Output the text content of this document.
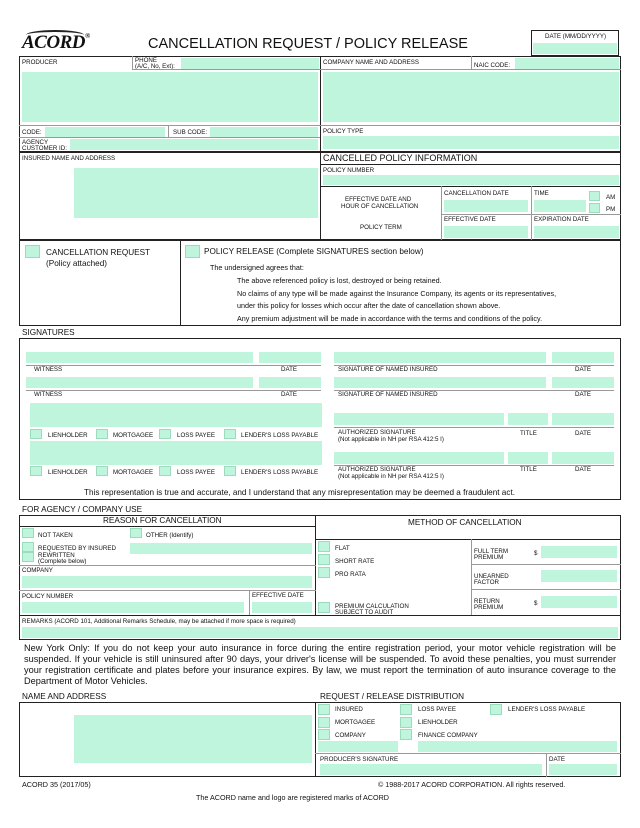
ACORD®	CANCELLATION REQUEST / POLICY RELEASE	DATE (MM/DD/YYYY)
PRODUCER	PHONE
(A/C, No, Ext):
CODE:	SUB CODE:
AGENCY
CUSTOMER ID:
COMPANY NAME AND ADDRESS	NAIC CODE:
POLICY TYPE
INSURED NAME AND ADDRESS	CANCELLED POLICY INFORMATION
POLICY NUMBER
EFFECTIVE DATE AND
HOUR OF CANCELLATION
CANCELLATION DATE	TIME
AM
PM
POLICY TERM
EFFECTIVE DATE	EXPIRATION DATE
CANCELLATION REQUEST
(Policy attached)
POLICY RELEASE (Complete SIGNATURES section below)
The undersigned agrees that:
The above referenced policy is lost, destroyed or being retained.
No claims of any type will be made against the Insurance Company, its agents or its representatives,
under this policy for losses which occur after the date of cancellation shown above.
Any premium adjustment will be made in accordance with the terms and conditions of the policy.
SIGNATURES
WITNESS	DATE	SIGNATURE OF NAMED INSURED	DATE
WITNESS	DATE	SIGNATURE OF NAMED INSURED	DATE
LIENHOLDER	MORTGAGEE	LOSS PAYEE	LENDER'S LOSS PAYABLE	AUTHORIZED SIGNATURE
(Not applicable in NH per RSA 412:5 I)
TITLE	DATE
LIENHOLDER	MORTGAGEE	LOSS PAYEE	LENDER'S LOSS PAYABLE	AUTHORIZED SIGNATURE
(Not applicable in NH per RSA 412:5 I)
TITLE	DATE
This representation is true and accurate, and I understand that any misrepresentation may be deemed a fraudulent act.
FOR AGENCY / COMPANY USE
REASON FOR CANCELLATION	METHOD OF CANCELLATION
NOT TAKEN	OTHER (Identify)
REQUESTED BY INSURED
REWRITTEN
(Complete below)
COMPANY
POLICY NUMBER	EFFECTIVE DATE
FLAT
SHORT RATE
PRO RATA
PREMIUM CALCULATION
SUBJECT TO AUDIT
FULL TERM
PREMIUM
$
UNEARNED
FACTOR
RETURN
PREMIUM
$
REMARKS (ACORD 101, Additional Remarks Schedule, may be attached if more space is required)
New York Only: If you do not keep your auto insurance in force during the entire registration period, your motor vehicle registration will be suspended. If your vehicle is still uninsured after 90 days, your driver's license will be suspended. To avoid these penalties, you must surrender your registration certificate and plates before your insurance expires. By law, we must report the termination of auto insurance coverage to the Department of Motor Vehicles.
NAME AND ADDRESS	REQUEST / RELEASE DISTRIBUTION
INSURED	LOSS PAYEE	LENDER'S LOSS PAYABLE
MORTGAGEE	LIENHOLDER
COMPANY	FINANCE COMPANY
PRODUCER'S SIGNATURE	DATE
ACORD 35 (2017/05)	© 1988-2017 ACORD CORPORATION. All rights reserved.
The ACORD name and logo are registered marks of ACORD
